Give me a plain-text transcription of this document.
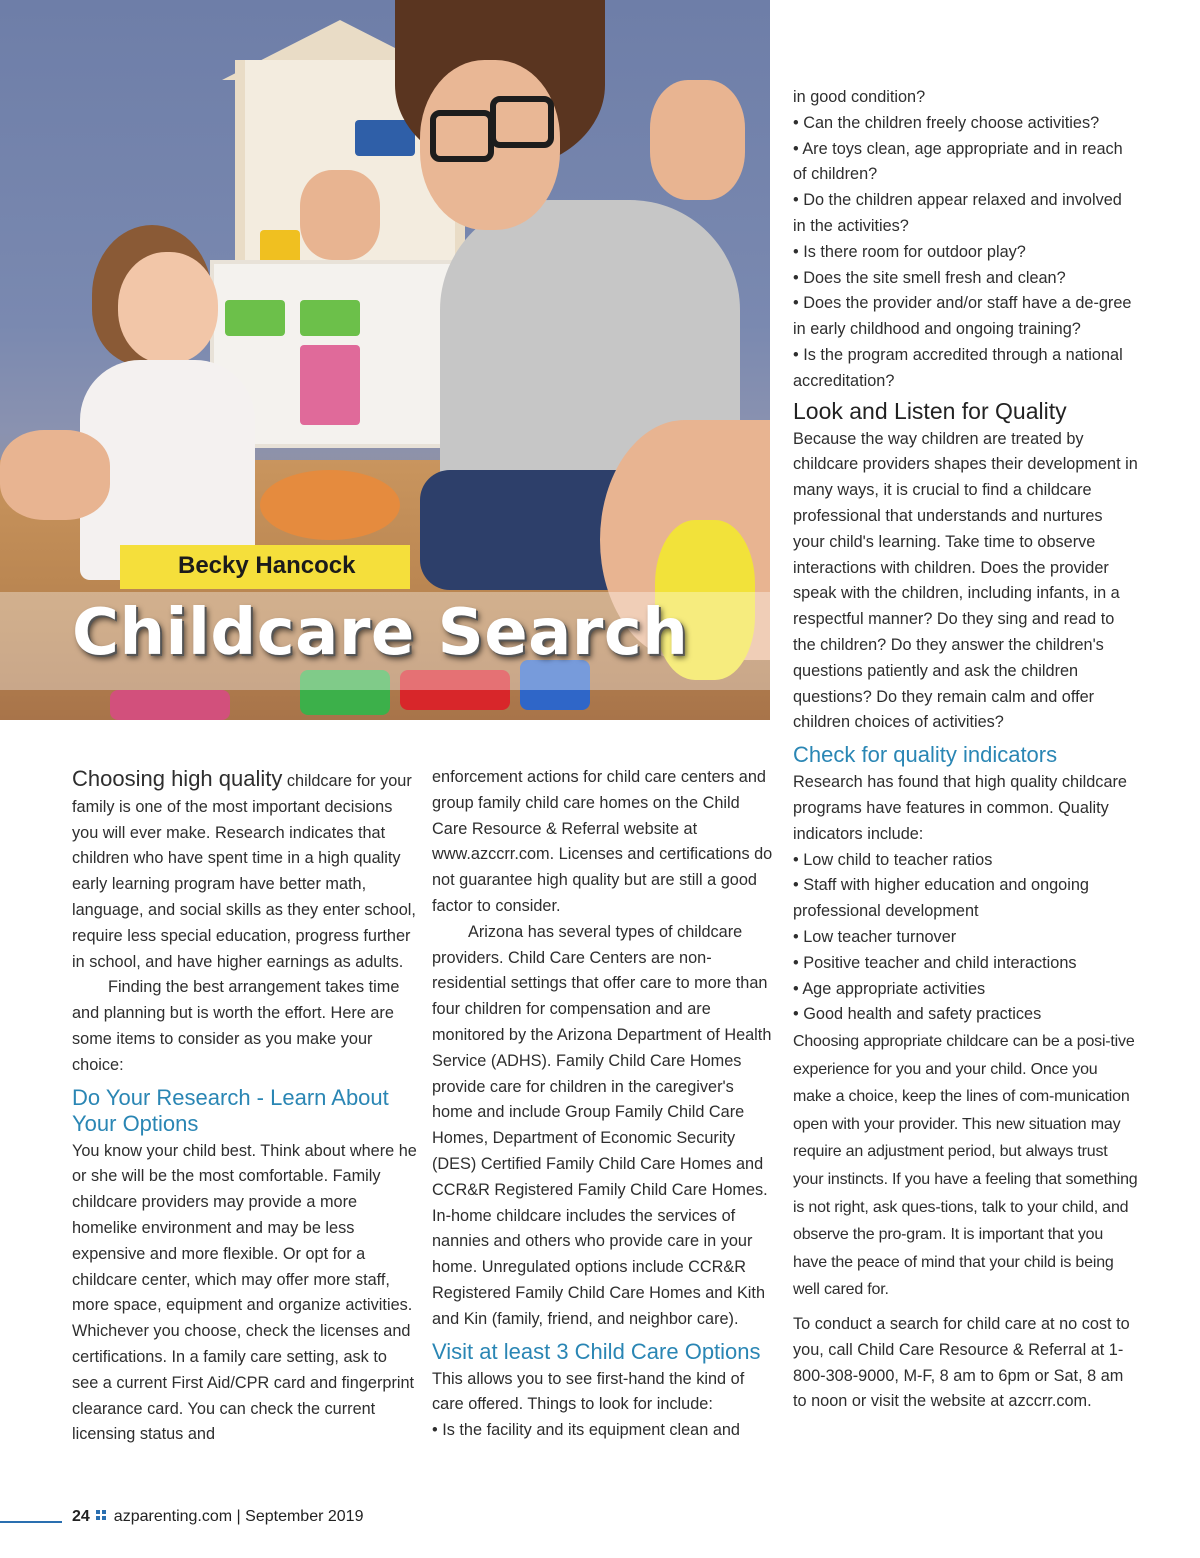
Becky Hancock
Childcare Search

Choosing high quality childcare for your family is one of the most important decisions you will ever make. Research indicates that children who have spent time in a high quality early learning program have better math, language, and social skills as they enter school, require less special education, progress further in school, and have higher earnings as adults.

Finding the best arrangement takes time and planning but is worth the effort. Here are some items to consider as you make your choice:

Do Your Research - Learn About Your Options

You know your child best. Think about where he or she will be the most comfortable. Family childcare providers may provide a more homelike environment and may be less expensive and more flexible. Or opt for a childcare center, which may offer more staff, more space, equipment and organize activities. Whichever you choose, check the licenses and certifications. In a family care setting, ask to see a current First Aid/CPR card and fingerprint clearance card. You can check the current licensing status and

enforcement actions for child care centers and group family child care homes on the Child Care Resource & Referral website at www.azccrr.com. Licenses and certifications do not guarantee high quality but are still a good factor to consider.

Arizona has several types of childcare providers. Child Care Centers are non-residential settings that offer care to more than four children for compensation and are monitored by the Arizona Department of Health Service (ADHS). Family Child Care Homes provide care for children in the caregiver's home and include Group Family Child Care Homes, Department of Economic Security (DES) Certified Family Child Care Homes and CCR&R Registered Family Child Care Homes. In-home childcare includes the services of nannies and others who provide care in your home. Unregulated options include CCR&R Registered Family Child Care Homes and Kith and Kin (family, friend, and neighbor care).

Visit at least 3 Child Care Options

This allows you to see first-hand the kind of care offered. Things to look for include:

• Is the facility and its equipment clean and

in good condition?

• Can the children freely choose activities?

• Are toys clean, age appropriate and in reach of children?

• Do the children appear relaxed and involved in the activities?

• Is there room for outdoor play?

• Does the site smell fresh and clean?

• Does the provider and/or staff have a de-gree in early childhood and ongoing training?

• Is the program accredited through a national accreditation?

Look and Listen for Quality

Because the way children are treated by childcare providers shapes their development in many ways, it is crucial to find a childcare professional that understands and nurtures your child's learning. Take time to observe interactions with children. Does the provider speak with the children, including infants, in a respectful manner? Do they sing and read to the children? Do they answer the children's questions patiently and ask the children questions? Do they remain calm and offer children choices of activities?

Check for quality indicators

Research has found that high quality childcare programs have features in common. Quality indicators include:

• Low child to teacher ratios

• Staff with higher education and ongoing professional development

• Low teacher turnover

• Positive teacher and child interactions

• Age appropriate activities

• Good health and safety practices

Choosing appropriate childcare can be a posi-tive experience for you and your child. Once you make a choice, keep the lines of com-munication open with your provider. This new situation may require an adjustment period, but always trust your instincts. If you have a feeling that something is not right, ask ques-tions, talk to your child, and observe the pro-gram. It is important that you have the peace of mind that your child is being well cared for.

To conduct a search for child care at no cost to you, call Child Care Resource & Referral at 1-800-308-9000, M-F, 8 am to 6pm or Sat, 8 am to noon or visit the website at azccrr.com.

24 azparenting.com | September 2019
